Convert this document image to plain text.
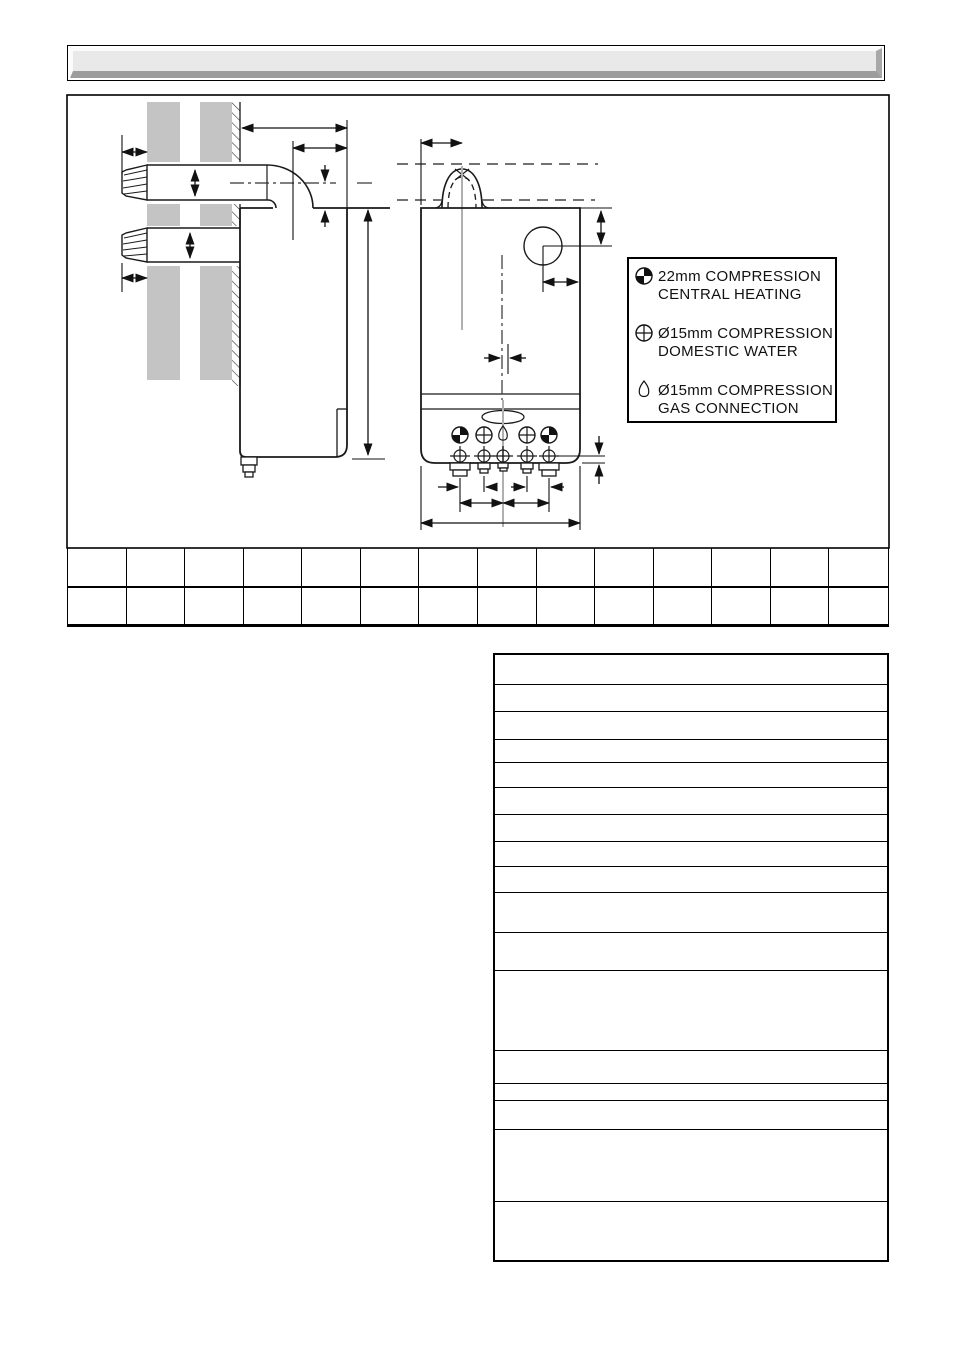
22mm COMPRESSION
CENTRAL HEATING
Ø15mm COMPRESSION
DOMESTIC WATER
Ø15mm COMPRESSION
GAS CONNECTION
